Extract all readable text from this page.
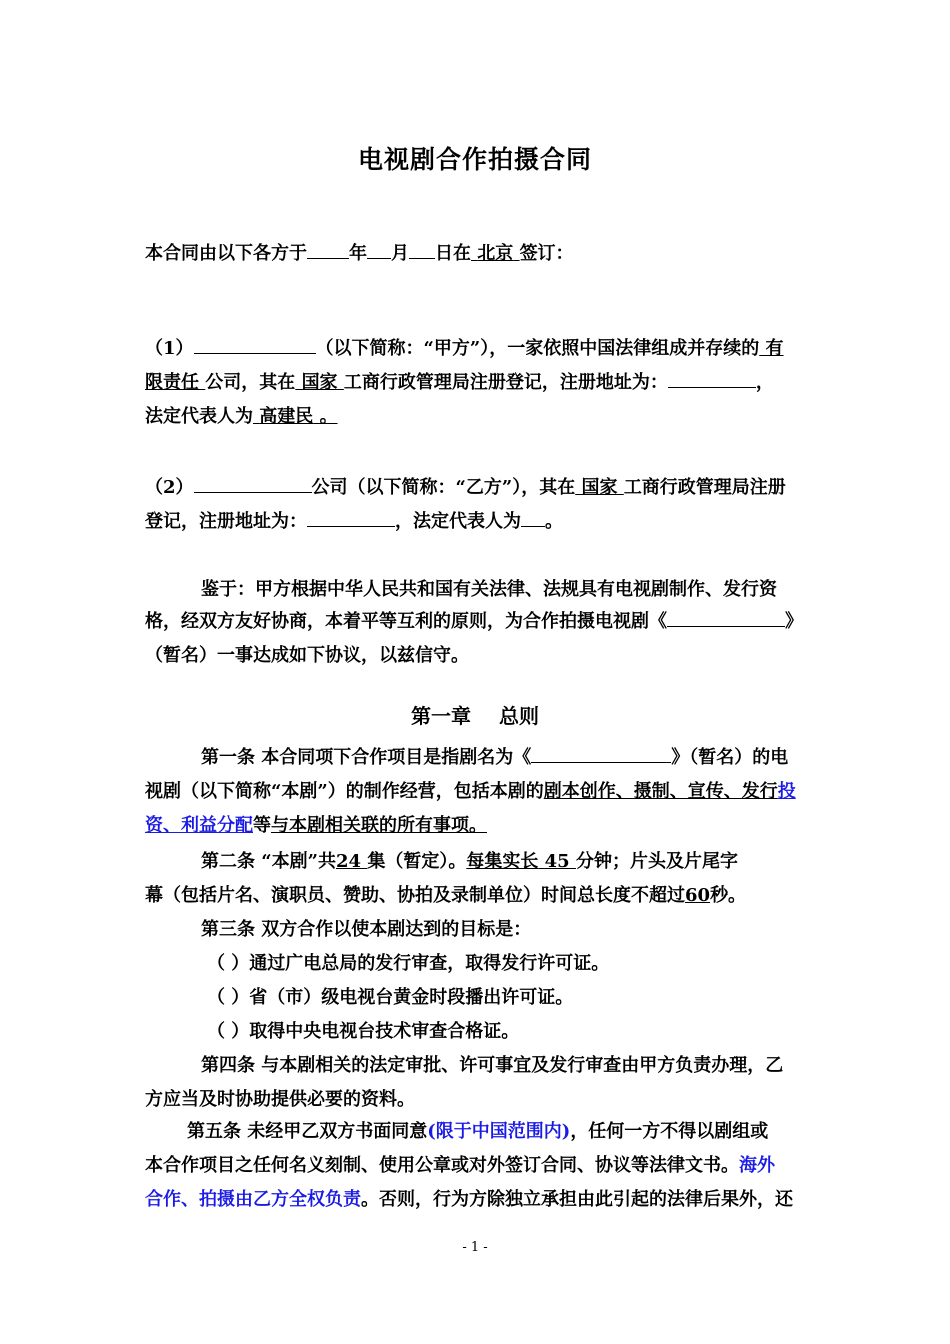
电视剧合作拍摄合同
本合同由以下各方于 年 月 日在 北京 签订：
（1）	（以下简称：“甲方”），一家依照中国法律组成并存续的 有
限责任 公司，其在 国家 工商行政管理局注册登记，注册地址为：	，
法定代表人为 高建民 。
（2）	公司（以下简称：“乙方”），其在 国家 工商行政管理局注册
登记，注册地址为：	，法定代表人为 。
鉴于：甲方根据中华人民共和国有关法律、法规具有电视剧制作、发行资
格，经双方友好协商，本着平等互利的原则，为合作拍摄电视剧《	》
（暂名）一事达成如下协议，以兹信守。
第一章 总则
第一条 本合同项下合作项目是指剧名为《	》（暂名）的电
视剧（以下简称“本剧”）的制作经营，包括本剧的剧本创作、摄制、宣传、发行投
资、利益分配等与本剧相关联的所有事项。
第二条 “本剧”共24 集（暂定）。每集实长 45 分钟；片头及片尾字
幕（包括片名、演职员、赞助、协拍及录制单位）时间总长度不超过60秒。
第三条 双方合作以使本剧达到的目标是：
（ ）通过广电总局的发行审查，取得发行许可证。
（ ）省（市）级电视台黄金时段播出许可证。
（ ）取得中央电视台技术审查合格证。
第四条 与本剧相关的法定审批、许可事宜及发行审查由甲方负责办理，乙
方应当及时协助提供必要的资料。
第五条 未经甲乙双方书面同意(限于中国范围内)，任何一方不得以剧组或
本合作项目之任何名义刻制、使用公章或对外签订合同、协议等法律文书。海外
合作、拍摄由乙方全权负责。否则，行为方除独立承担由此引起的法律后果外，还
- 1 -
